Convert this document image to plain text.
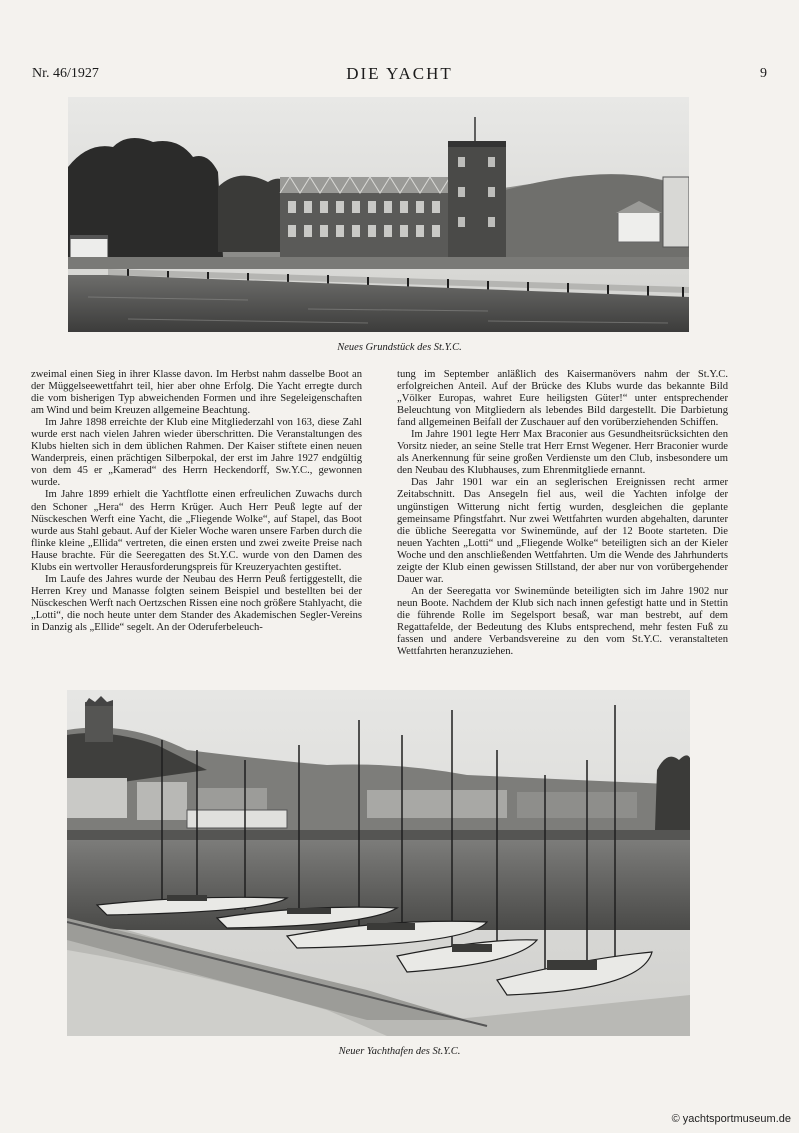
Nr. 46/1927	DIE YACHT	9
Neues Grundstück des St.Y.C.

zweimal einen Sieg in ihrer Klasse davon. Im Herbst nahm dasselbe Boot an der Müggelseewettfahrt teil, hier aber ohne Erfolg. Die Yacht erregte durch die vom bisherigen Typ abweichenden Formen und ihre Segeleigenschaften am Wind und beim Kreuzen allgemeine Beachtung.

Im Jahre 1898 erreichte der Klub eine Mitgliederzahl von 163, diese Zahl wurde erst nach vielen Jahren wieder überschritten. Die Veranstaltungen des Klubs hielten sich in dem üblichen Rahmen. Der Kaiser stiftete einen neuen Wanderpreis, einen prächtigen Silberpokal, der erst im Jahre 1927 endgültig von dem 45 er „Kamerad“ des Herrn Heckendorff, Sw.Y.C., gewonnen wurde.

Im Jahre 1899 erhielt die Yachtflotte einen erfreulichen Zuwachs durch den Schoner „Hera“ des Herrn Krüger. Auch Herr Peuß legte auf der Nüsckeschen Werft eine Yacht, die „Fliegende Wolke“, auf Stapel, das Boot wurde aus Stahl gebaut. Auf der Kieler Woche waren unsere Farben durch die flinke kleine „Ellida“ vertreten, die einen ersten und zwei zweite Preise nach Hause brachte. Für die Seeregatten des St.Y.C. wurde von den Damen des Klubs ein wertvoller Herausforderungspreis für Kreuzeryachten gestiftet.

Im Laufe des Jahres wurde der Neubau des Herrn Peuß fertiggestellt, die Herren Krey und Manasse folgten seinem Beispiel und bestellten bei der Nüsckeschen Werft nach Oertzschen Rissen eine noch größere Stahlyacht, die „Lotti“, die noch heute unter dem Stander des Akademischen Segler-Vereins in Danzig als „Ellide“ segelt. An der Oderuferbeleuch-

tung im September anläßlich des Kaisermanövers nahm der St.Y.C. erfolgreichen Anteil. Auf der Brücke des Klubs wurde das bekannte Bild „Völker Europas, wahret Eure heiligsten Güter!“ unter entsprechender Beleuchtung von Mitgliedern als lebendes Bild dargestellt. Die Darbietung fand allgemeinen Beifall der Zuschauer auf den vorüberziehenden Schiffen.

Im Jahre 1901 legte Herr Max Braconier aus Gesundheitsrücksichten den Vorsitz nieder, an seine Stelle trat Herr Ernst Wegener. Herr Braconier wurde als Anerkennung für seine großen Verdienste um den Club, insbesondere um den Neubau des Klubhauses, zum Ehrenmitgliede ernannt.

Das Jahr 1901 war ein an seglerischen Ereignissen recht armer Zeitabschnitt. Das Ansegeln fiel aus, weil die Yachten infolge der ungünstigen Witterung nicht fertig wurden, desgleichen die geplante gemeinsame Pfingstfahrt. Nur zwei Wettfahrten wurden abgehalten, darunter die übliche Seeregatta vor Swinemünde, auf der 12 Boote starteten. Die neuen Yachten „Lotti“ und „Fliegende Wolke“ beteiligten sich an der Kieler Woche und den anschließenden Wettfahrten. Um die Wende des Jahrhunderts zeigte der Klub einen gewissen Stillstand, der aber nur von vorübergehender Dauer war.

An der Seeregatta vor Swinemünde beteiligten sich im Jahre 1902 nur neun Boote. Nachdem der Klub sich nach innen gefestigt hatte und in Stettin die führende Rolle im Segelsport besaß, war man bestrebt, auf dem Regattafelde, der Bedeutung des Klubs entsprechend, mehr festen Fuß zu fassen und andere Verbandsvereine zu den vom St.Y.C. veranstalteten Wettfahrten heranzuziehen.

Neuer Yachthafen des St.Y.C.
© yachtsportmuseum.de
